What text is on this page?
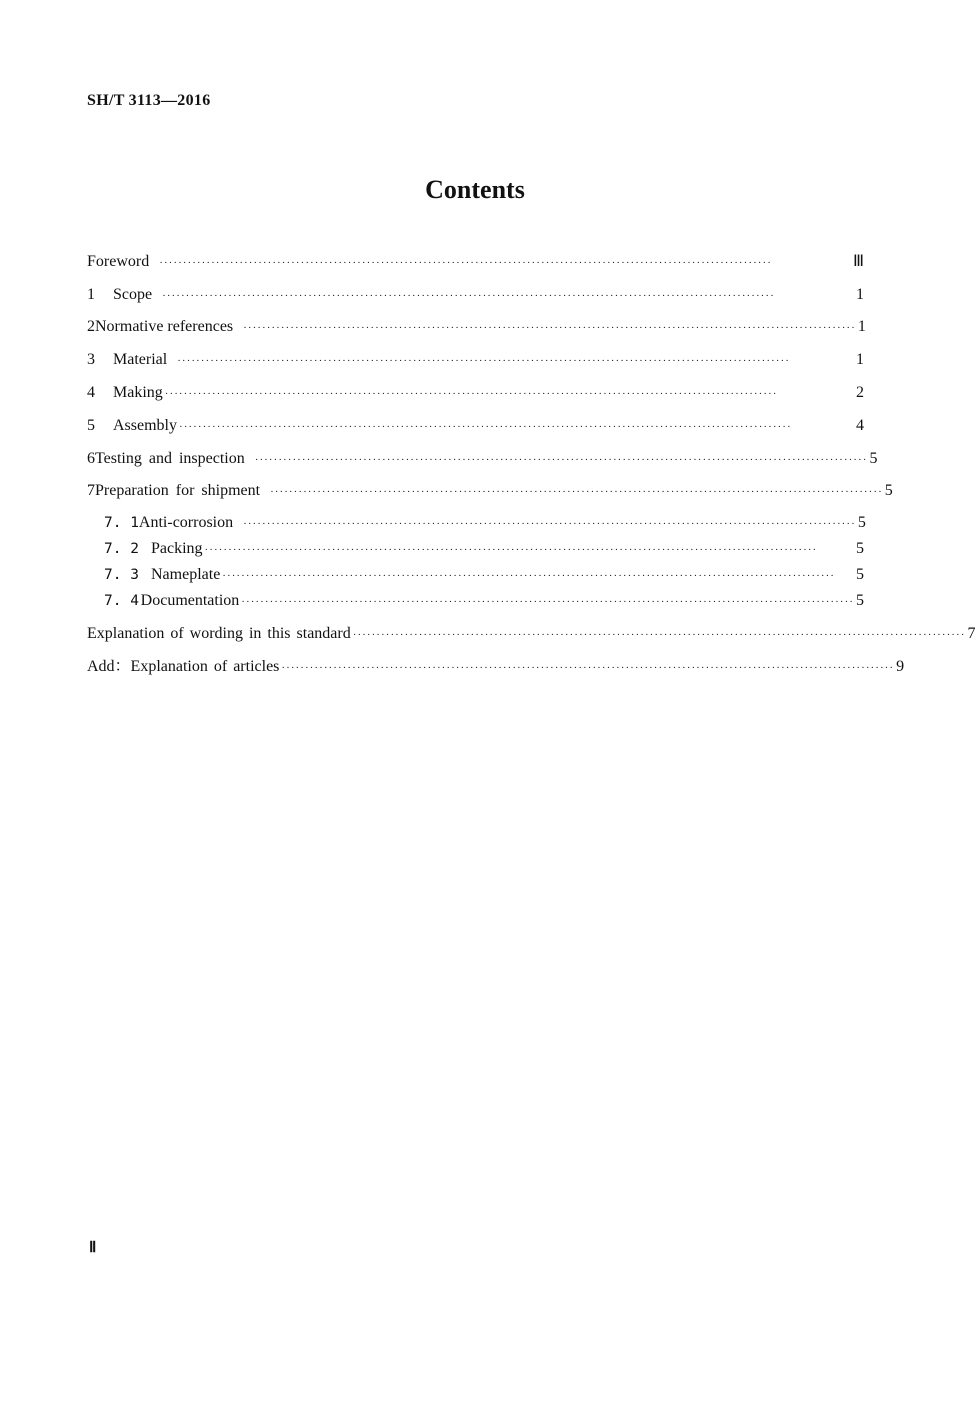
SH/T 3113—2016
Contents
Foreword ··································································································································	Ⅲ
1	Scope ··································································································································	1
2 Normative references ·································································································································· 1
3	Material ··································································································································	1
4	Making ··································································································································	2
5	Assembly ··································································································································	4
6 Testing and inspection ·································································································································· 5
7 Preparation for shipment ·································································································································· 5
7. 1 Anti-corrosion ·································································································································· 5
7. 2 Packing ··································································································································	5
7. 3 Nameplate ··································································································································	5
7. 4 Documentation ·································································································································· 5
Explanation of wording in this standard ·································································································································· 7
Add：Explanation of articles ·································································································································· 9
Ⅱ
